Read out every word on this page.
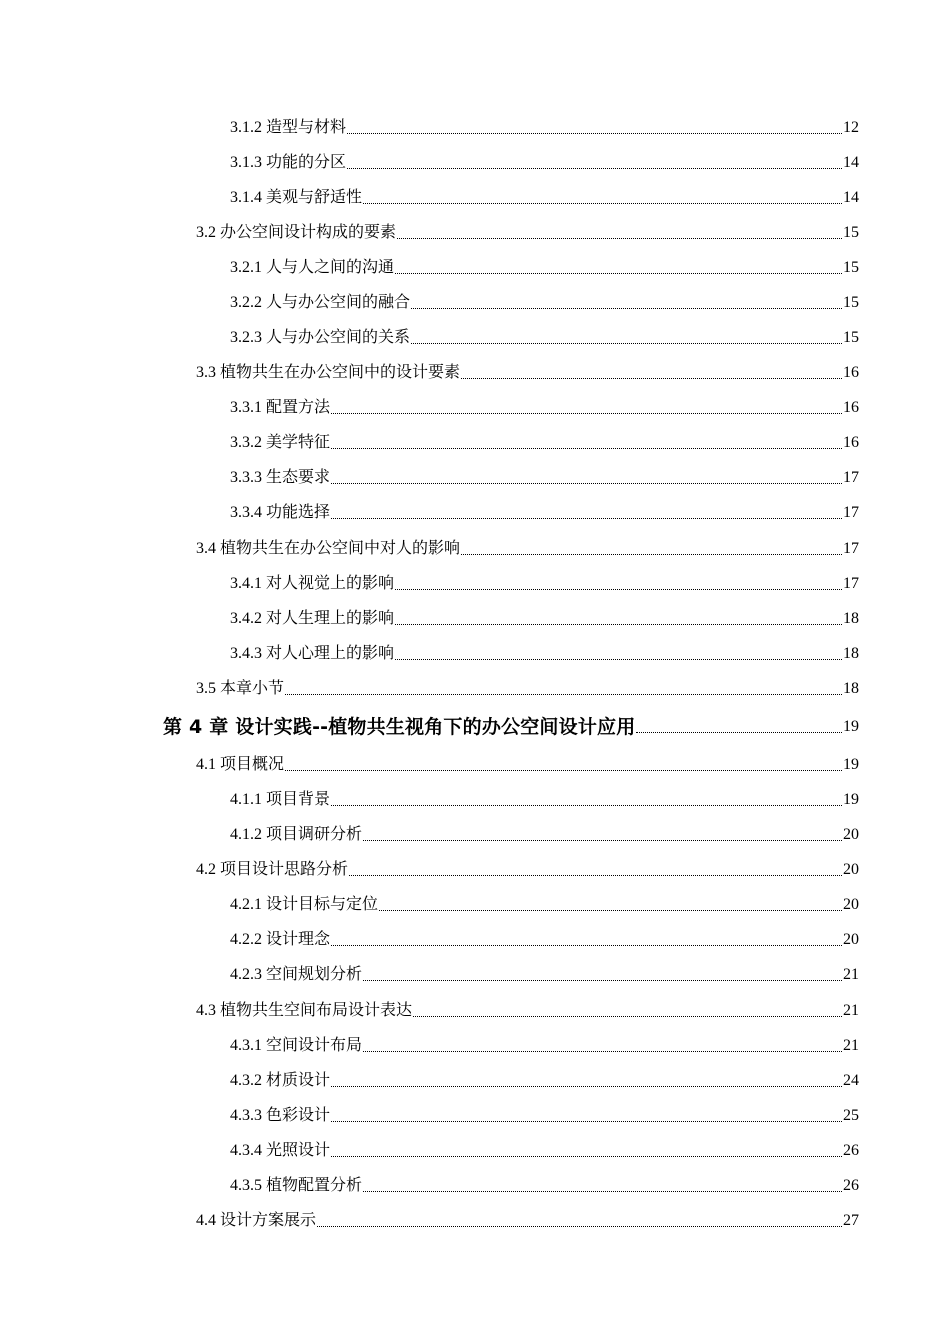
3.1.2 造型与材料	12
3.1.3 功能的分区	14
3.1.4 美观与舒适性	14
3.2 办公空间设计构成的要素	15
3.2.1 人与人之间的沟通	15
3.2.2 人与办公空间的融合	15
3.2.3 人与办公空间的关系	15
3.3 植物共生在办公空间中的设计要素	16
3.3.1 配置方法	16
3.3.2 美学特征	16
3.3.3 生态要求	17
3.3.4 功能选择	17
3.4 植物共生在办公空间中对人的影响	17
3.4.1 对人视觉上的影响	17
3.4.2 对人生理上的影响	18
3.4.3 对人心理上的影响	18
3.5 本章小节	18
第 4 章 设计实践--植物共生视角下的办公空间设计应用	19
4.1 项目概况	19
4.1.1 项目背景	19
4.1.2 项目调研分析	20
4.2 项目设计思路分析	20
4.2.1 设计目标与定位	20
4.2.2 设计理念	20
4.2.3 空间规划分析	21
4.3 植物共生空间布局设计表达	21
4.3.1 空间设计布局	21
4.3.2 材质设计	24
4.3.3 色彩设计	25
4.3.4 光照设计	26
4.3.5 植物配置分析	26
4.4 设计方案展示	27
